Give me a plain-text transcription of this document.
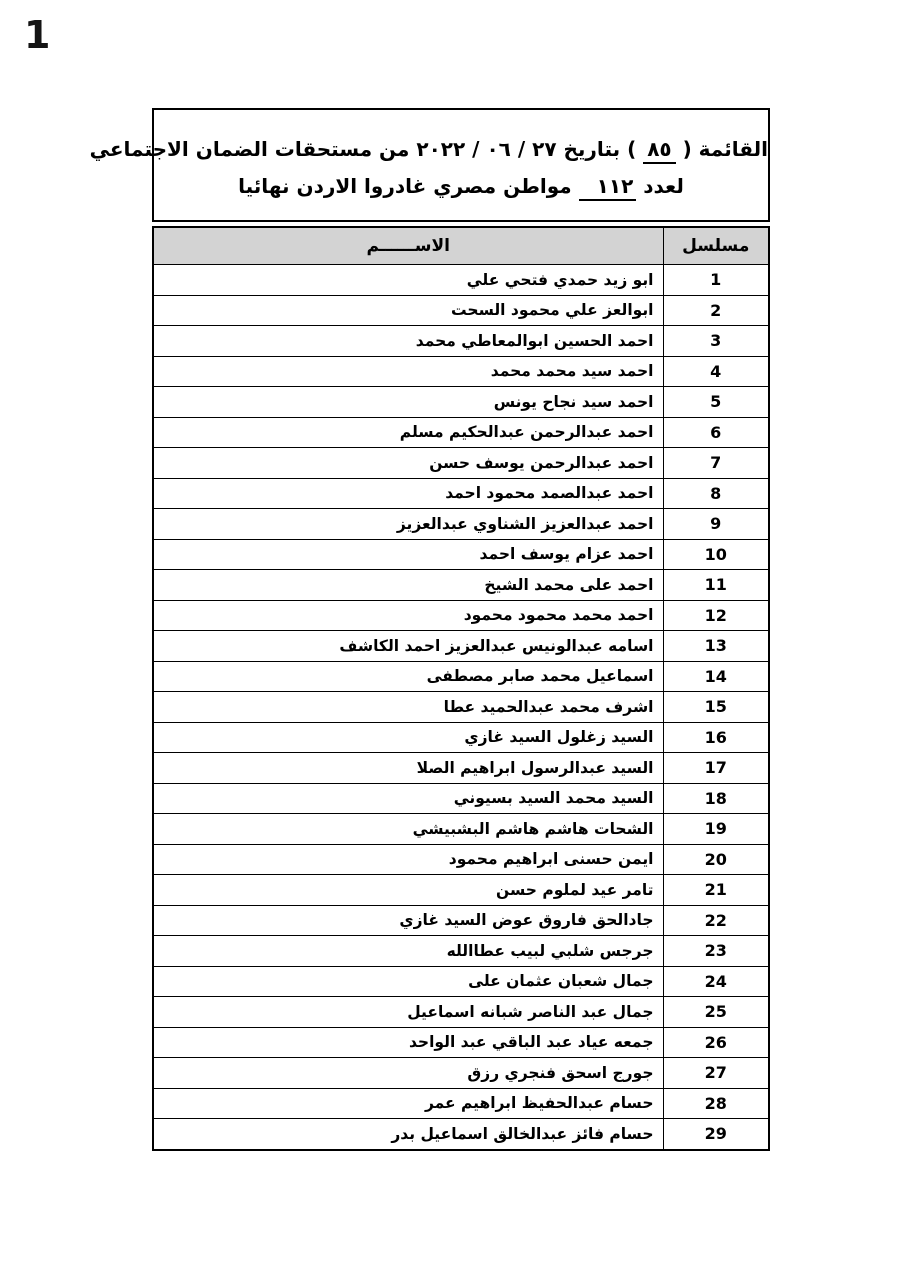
1
القائمة ( ٨٥ ) بتاريخ ٢٧ / ٠٦ / ٢٠٢٢ من مستحقات الضمان الاجتماعي
لعدد ١١٢ مواطن مصري غادروا الاردن نهائيا
مسلسل	الاســــــم
1	ابو زيد حمدي فتحي علي
2	ابوالعز علي محمود السحت
3	احمد الحسين ابوالمعاطي محمد
4	احمد سيد محمد محمد
5	احمد سيد نجاح يونس
6	احمد عبدالرحمن عبدالحكيم مسلم
7	احمد عبدالرحمن يوسف حسن
8	احمد عبدالصمد محمود احمد
9	احمد عبدالعزيز الشناوي عبدالعزيز
10	احمد عزام يوسف احمد
11	احمد على محمد الشيخ
12	احمد محمد محمود محمود
13	اسامه عبدالونيس عبدالعزيز احمد الكاشف
14	اسماعيل محمد صابر مصطفى
15	اشرف محمد عبدالحميد عطا
16	السيد زغلول السيد غازي
17	السيد عبدالرسول ابراهيم الصلا
18	السيد محمد السيد بسيوني
19	الشحات هاشم هاشم البشبيشي
20	ايمن حسنى ابراهيم محمود
21	تامر عيد لملوم حسن
22	جادالحق فاروق عوض السيد غازي
23	جرجس شلبي لبيب عطاالله
24	جمال شعبان عثمان على
25	جمال عبد الناصر شبانه اسماعيل
26	جمعه عياد عبد الباقي عبد الواحد
27	جورج اسحق فنجري رزق
28	حسام عبدالحفيظ ابراهيم عمر
29	حسام فائز عبدالخالق اسماعيل بدر
